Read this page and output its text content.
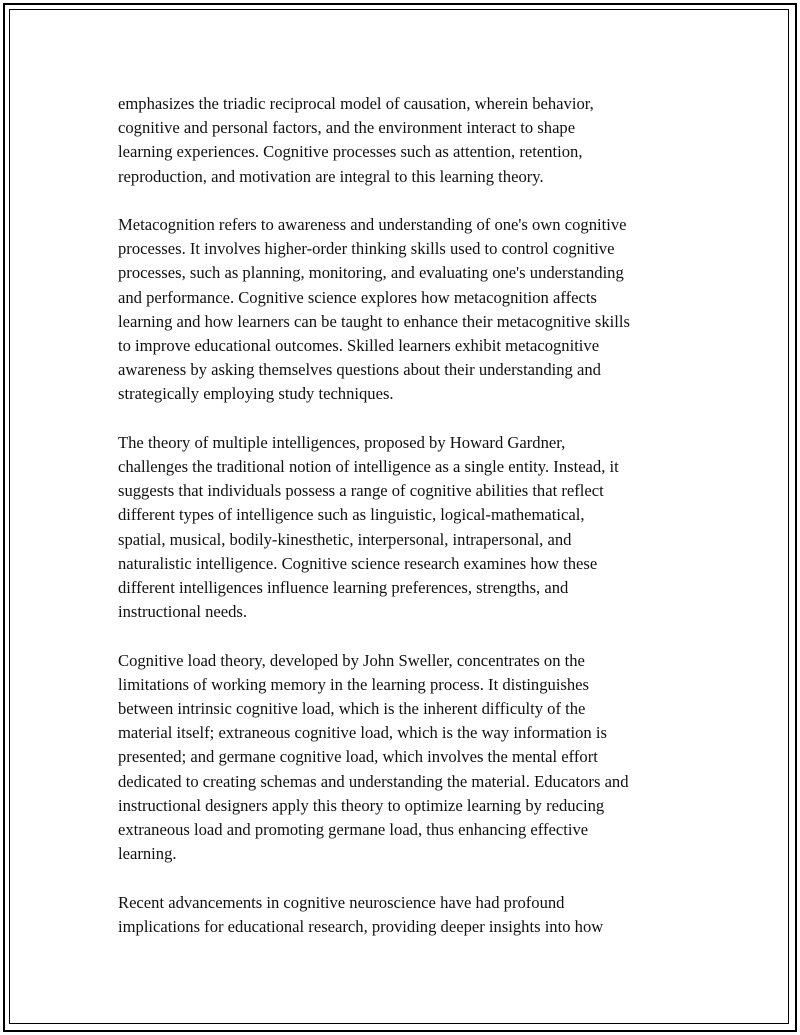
emphasizes the triadic reciprocal model of causation, wherein behavior,
cognitive and personal factors, and the environment interact to shape
learning experiences. Cognitive processes such as attention, retention,
reproduction, and motivation are integral to this learning theory.

Metacognition refers to awareness and understanding of one's own cognitive
processes. It involves higher-order thinking skills used to control cognitive
processes, such as planning, monitoring, and evaluating one's understanding
and performance. Cognitive science explores how metacognition affects
learning and how learners can be taught to enhance their metacognitive skills
to improve educational outcomes. Skilled learners exhibit metacognitive
awareness by asking themselves questions about their understanding and
strategically employing study techniques.

The theory of multiple intelligences, proposed by Howard Gardner,
challenges the traditional notion of intelligence as a single entity. Instead, it
suggests that individuals possess a range of cognitive abilities that reflect
different types of intelligence such as linguistic, logical-mathematical,
spatial, musical, bodily-kinesthetic, interpersonal, intrapersonal, and
naturalistic intelligence. Cognitive science research examines how these
different intelligences influence learning preferences, strengths, and
instructional needs.

Cognitive load theory, developed by John Sweller, concentrates on the
limitations of working memory in the learning process. It distinguishes
between intrinsic cognitive load, which is the inherent difficulty of the
material itself; extraneous cognitive load, which is the way information is
presented; and germane cognitive load, which involves the mental effort
dedicated to creating schemas and understanding the material. Educators and
instructional designers apply this theory to optimize learning by reducing
extraneous load and promoting germane load, thus enhancing effective
learning.

Recent advancements in cognitive neuroscience have had profound
implications for educational research, providing deeper insights into how
